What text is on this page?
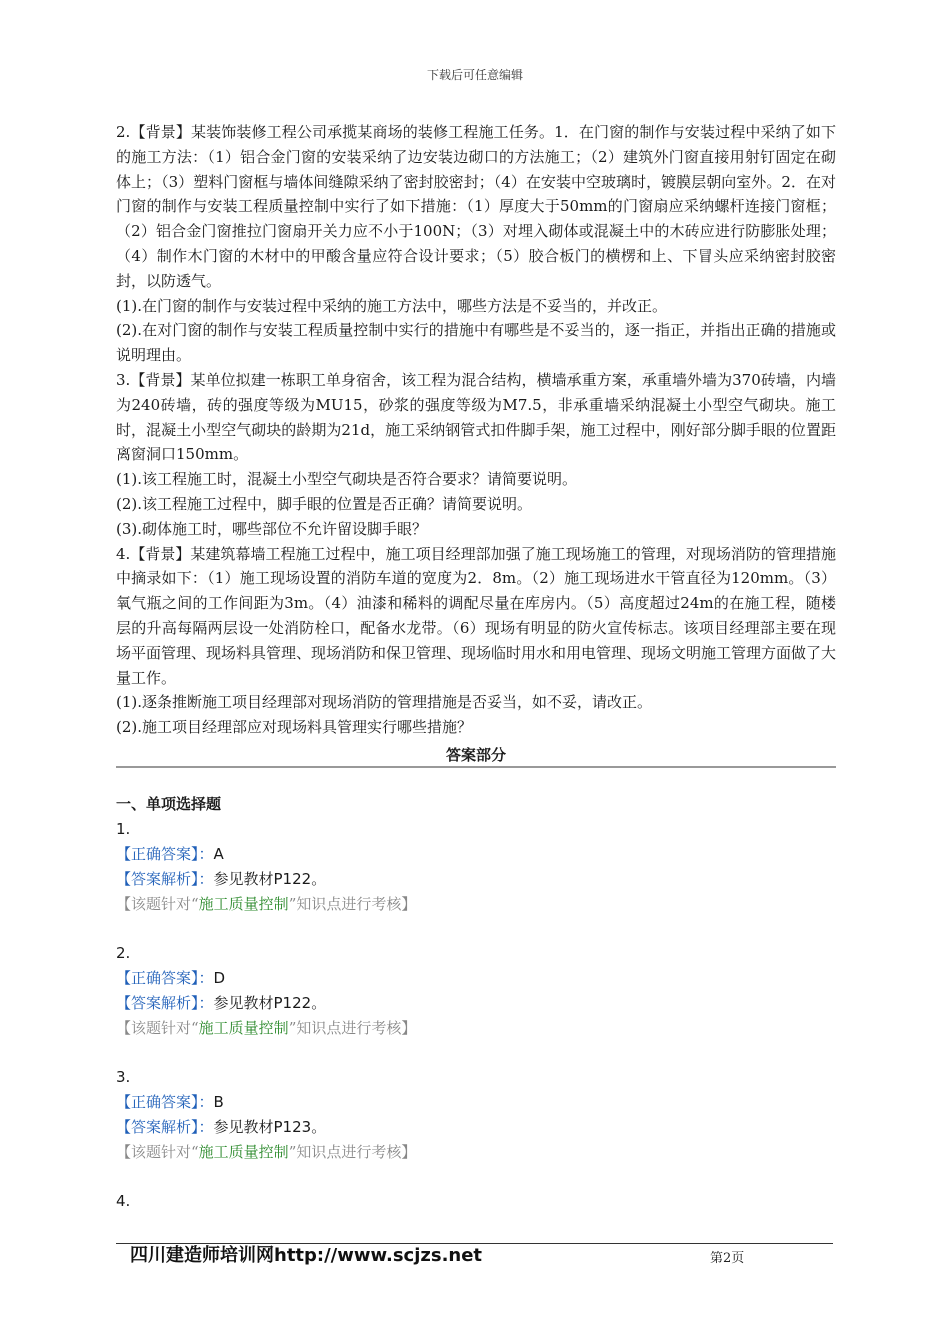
下载后可任意编辑

2.【背景】某装饰装修工程公司承揽某商场的装修工程施工任务。1．在门窗的制作与安装过程中采纳了如下的施工方法：（1）铝合金门窗的安装采纳了边安装边砌口的方法施工；（2）建筑外门窗直接用射钉固定在砌体上；（3）塑料门窗框与墙体间缝隙采纳了密封胶密封；（4）在安装中空玻璃时，镀膜层朝向室外。2．在对门窗的制作与安装工程质量控制中实行了如下措施：（1）厚度大于50mm的门窗扇应采纳螺杆连接门窗框；（2）铝合金门窗推拉门窗扇开关力应不小于100N；（3）对埋入砌体或混凝土中的木砖应进行防膨胀处理；（4）制作木门窗的木材中的甲酸含量应符合设计要求；（5）胶合板门的横楞和上、下冒头应采纳密封胶密封，以防透气。

(1).在门窗的制作与安装过程中采纳的施工方法中，哪些方法是不妥当的，并改正。

(2).在对门窗的制作与安装工程质量控制中实行的措施中有哪些是不妥当的，逐一指正，并指出正确的措施或说明理由。

3.【背景】某单位拟建一栋职工单身宿舍，该工程为混合结构，横墙承重方案，承重墙外墙为370砖墙，内墙为240砖墙，砖的强度等级为MU15，砂浆的强度等级为M7.5，非承重墙采纳混凝土小型空气砌块。施工时，混凝土小型空气砌块的龄期为21d，施工采纳钢管式扣件脚手架，施工过程中，刚好部分脚手眼的位置距离窗洞口150mm。

(1).该工程施工时，混凝土小型空气砌块是否符合要求？请简要说明。

(2).该工程施工过程中，脚手眼的位置是否正确？请简要说明。

(3).砌体施工时，哪些部位不允许留设脚手眼？

4.【背景】某建筑幕墙工程施工过程中，施工项目经理部加强了施工现场施工的管理，对现场消防的管理措施中摘录如下：（1）施工现场设置的消防车道的宽度为2．8m。（2）施工现场进水干管直径为120mm。（3）氧气瓶之间的工作间距为3m。（4）油漆和稀料的调配尽量在库房内。（5）高度超过24m的在施工程，随楼层的升高每隔两层设一处消防栓口，配备水龙带。（6）现场有明显的防火宣传标志。该项目经理部主要在现场平面管理、现场料具管理、现场消防和保卫管理、现场临时用水和用电管理、现场文明施工管理方面做了大量工作。

(1).逐条推断施工项目经理部对现场消防的管理措施是否妥当，如不妥，请改正。

(2).施工项目经理部应对现场料具管理实行哪些措施？

答案部分
一、单项选择题
1.
【正确答案】：A
【答案解析】：参见教材P122。
【该题针对“施工质量控制”知识点进行考核】
2.
【正确答案】：D
【答案解析】：参见教材P122。
【该题针对“施工质量控制”知识点进行考核】
3.
【正确答案】：B
【答案解析】：参见教材P123。
【该题针对“施工质量控制”知识点进行考核】
4.
四川建造师培训网http://www.scjzs.net	第2页
